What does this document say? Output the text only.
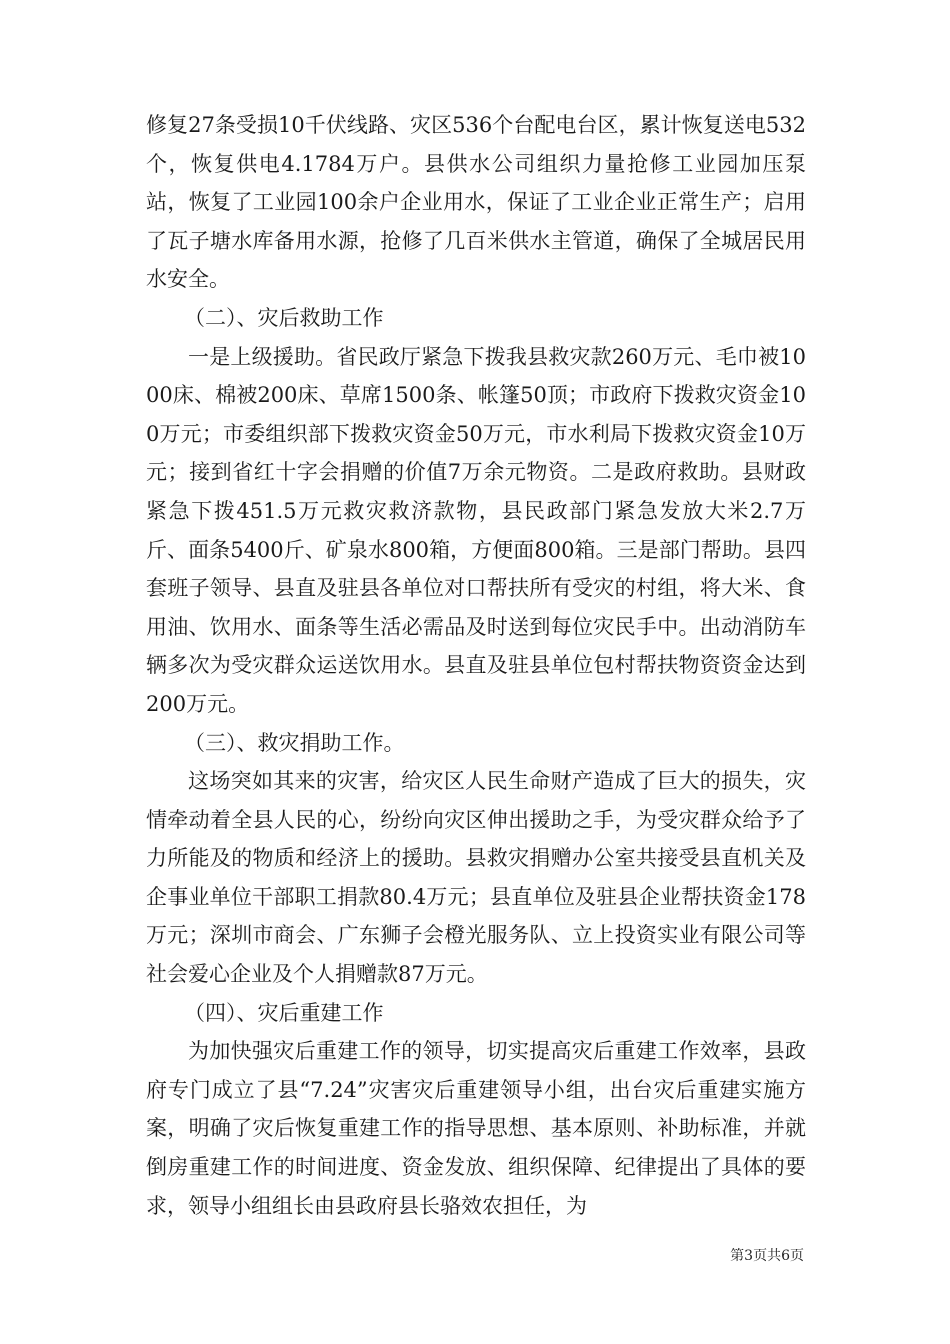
修复27条受损10千伏线路、灾区536个台配电台区，累计恢复送电532个，恢复供电4.1784万户。县供水公司组织力量抢修工业园加压泵站，恢复了工业园100余户企业用水，保证了工业企业正常生产；启用了瓦子塘水库备用水源，抢修了几百米供水主管道，确保了全城居民用水安全。

（二）、灾后救助工作

一是上级援助。省民政厅紧急下拨我县救灾款260万元、毛巾被1000床、棉被200床、草席1500条、帐篷50顶；市政府下拨救灾资金100万元；市委组织部下拨救灾资金50万元，市水利局下拨救灾资金10万元；接到省红十字会捐赠的价值7万余元物资。二是政府救助。县财政紧急下拨451.5万元救灾救济款物，县民政部门紧急发放大米2.7万斤、面条5400斤、矿泉水800箱，方便面800箱。三是部门帮助。县四套班子领导、县直及驻县各单位对口帮扶所有受灾的村组，将大米、食用油、饮用水、面条等生活必需品及时送到每位灾民手中。出动消防车辆多次为受灾群众运送饮用水。县直及驻县单位包村帮扶物资资金达到200万元。

（三）、救灾捐助工作。

这场突如其来的灾害，给灾区人民生命财产造成了巨大的损失，灾情牵动着全县人民的心，纷纷向灾区伸出援助之手，为受灾群众给予了力所能及的物质和经济上的援助。县救灾捐赠办公室共接受县直机关及企事业单位干部职工捐款80.4万元；县直单位及驻县企业帮扶资金178万元；深圳市商会、广东狮子会橙光服务队、立上投资实业有限公司等社会爱心企业及个人捐赠款87万元。

（四）、灾后重建工作

为加快强灾后重建工作的领导，切实提高灾后重建工作效率，县政府专门成立了县“7.24”灾害灾后重建领导小组，出台灾后重建实施方案，明确了灾后恢复重建工作的指导思想、基本原则、补助标准，并就倒房重建工作的时间进度、资金发放、组织保障、纪律提出了具体的要求，领导小组组长由县政府县长骆效农担任，为

第3页共6页
